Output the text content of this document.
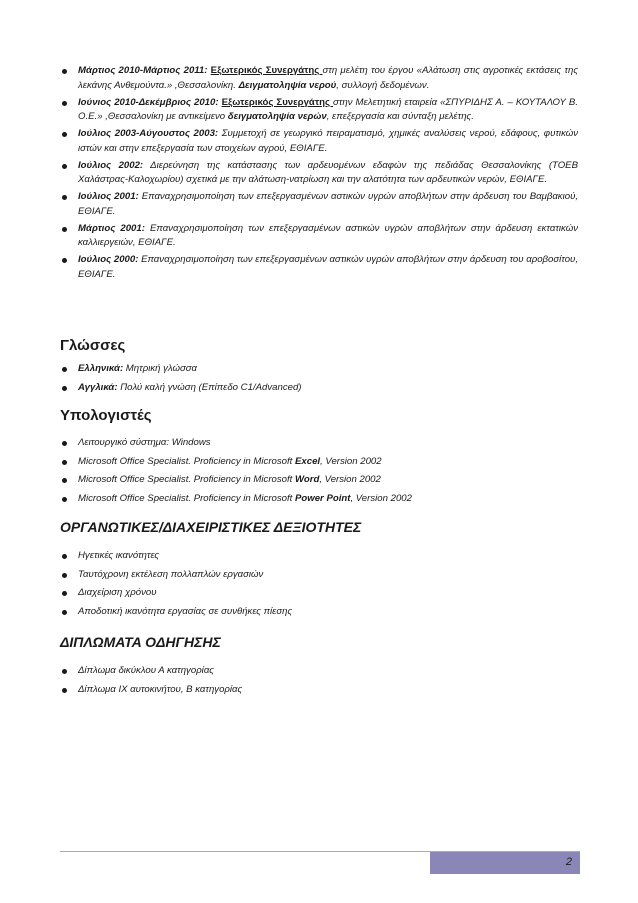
Μάρτιος 2010-Μάρτιος 2011: Εξωτερικός Συνεργάτης στη μελέτη του έργου «Αλάτωση στις αγροτικές εκτάσεις της λεκάνης Ανθεμούντα.» ,Θεσσαλονίκη. Δειγματοληψία νερού, συλλογή δεδομένων.
Ιούνιος 2010-Δεκέμβριος 2010: Εξωτερικός Συνεργάτης στην Μελετητική εταιρεία «ΣΠΥΡΙΔΗΣ Α. – ΚΟΥΤΑΛΟΥ Β. Ο.Ε.» ,Θεσσαλονίκη με αντικείμενο δειγματοληψία νερών, επεξεργασία και σύνταξη μελέτης.
Ιούλιος 2003-Αύγουστος 2003: Συμμετοχή σε γεωργικό πειραματισμό, χημικές αναλύσεις νερού, εδάφους, φυτικών ιστών και στην επεξεργασία των στοιχείων αγρού, ΕΘΙΑΓΕ.
Ιούλιος 2002: Διερεύνηση της κατάστασης των αρδευομένων εδαφών της πεδιάδας Θεσσαλονίκης (ΤΟΕΒ Χαλάστρας-Καλοχωρίου) σχετικά με την αλάτωση-νατρίωση και την αλατότητα των αρδευτικών νερών, ΕΘΙΑΓΕ.
Ιούλιος 2001: Επαναχρησιμοποίηση των επεξεργασμένων αστικών υγρών αποβλήτων στην άρδευση του Βαμβακιού, ΕΘΙΑΓΕ.
Μάρτιος 2001: Επαναχρησιμοποίηση των επεξεργασμένων αστικών υγρών αποβλήτων στην άρδευση εκτατικών καλλιεργειών, ΕΘΙΑΓΕ.
Ιούλιος 2000: Επαναχρησιμοποίηση των επεξεργασμένων αστικών υγρών αποβλήτων στην άρδευση του αροβοσίτου, ΕΘΙΑΓΕ.
Γλώσσες
Ελληνικά: Μητρική γλώσσα
Αγγλικά: Πολύ καλή γνώση (Επίπεδο C1/Advanced)
Υπολογιστές
Λειτουργικό σύστημα: Windows
Microsoft Office Specialist. Proficiency in Microsoft Excel, Version 2002
Microsoft Office Specialist. Proficiency in Microsoft Word, Version 2002
Microsoft Office Specialist. Proficiency in Microsoft Power Point, Version 2002
ΟΡΓΑΝΩΤΙΚΕΣ/ΔΙΑΧΕΙΡΙΣΤΙΚΕΣ ΔΕΞΙΟΤΗΤΕΣ
Ηγετικές ικανότητες
Ταυτόχρονη εκτέλεση πολλαπλών εργασιών
Διαχείριση χρόνου
Αποδοτική ικανότητα εργασίας σε συνθήκες πίεσης
ΔΙΠΛΩΜΑΤΑ ΟΔΗΓΗΣΗΣ
Δίπλωμα δικύκλου Α κατηγορίας
Δίπλωμα ΙΧ αυτοκινήτου, Β κατηγορίας
2
